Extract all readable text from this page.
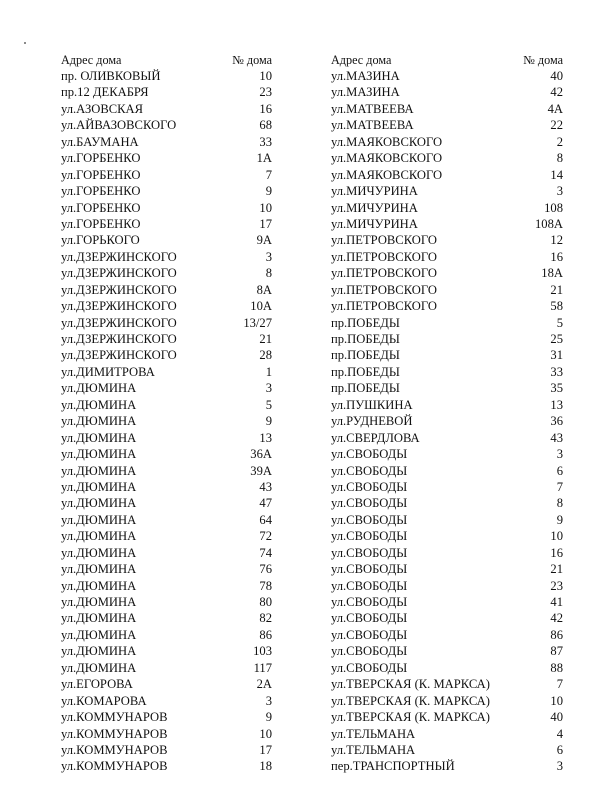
Адрес дома	№ дома
пр. ОЛИВКОВЫЙ	10
пр.12 ДЕКАБРЯ	23
ул.АЗОВСКАЯ	16
ул.АЙВАЗОВСКОГО	68
ул.БАУМАНА	33
ул.ГОРБЕНКО	1А
ул.ГОРБЕНКО	7
ул.ГОРБЕНКО	9
ул.ГОРБЕНКО	10
ул.ГОРБЕНКО	17
ул.ГОРЬКОГО	9А
ул.ДЗЕРЖИНСКОГО	3
ул.ДЗЕРЖИНСКОГО	8
ул.ДЗЕРЖИНСКОГО	8А
ул.ДЗЕРЖИНСКОГО	10А
ул.ДЗЕРЖИНСКОГО	13/27
ул.ДЗЕРЖИНСКОГО	21
ул.ДЗЕРЖИНСКОГО	28
ул.ДИМИТРОВА	1
ул.ДЮМИНА	3
ул.ДЮМИНА	5
ул.ДЮМИНА	9
ул.ДЮМИНА	13
ул.ДЮМИНА	36А
ул.ДЮМИНА	39А
ул.ДЮМИНА	43
ул.ДЮМИНА	47
ул.ДЮМИНА	64
ул.ДЮМИНА	72
ул.ДЮМИНА	74
ул.ДЮМИНА	76
ул.ДЮМИНА	78
ул.ДЮМИНА	80
ул.ДЮМИНА	82
ул.ДЮМИНА	86
ул.ДЮМИНА	103
ул.ДЮМИНА	117
ул.ЕГОРОВА	2А
ул.КОМАРОВА	3
ул.КОММУНАРОВ	9
ул.КОММУНАРОВ	10
ул.КОММУНАРОВ	17
ул.КОММУНАРОВ	18
Адрес дома	№ дома
ул.МАЗИНА	40
ул.МАЗИНА	42
ул.МАТВЕЕВА	4А
ул.МАТВЕЕВА	22
ул.МАЯКОВСКОГО	2
ул.МАЯКОВСКОГО	8
ул.МАЯКОВСКОГО	14
ул.МИЧУРИНА	3
ул.МИЧУРИНА	108
ул.МИЧУРИНА	108А
ул.ПЕТРОВСКОГО	12
ул.ПЕТРОВСКОГО	16
ул.ПЕТРОВСКОГО	18А
ул.ПЕТРОВСКОГО	21
ул.ПЕТРОВСКОГО	58
пр.ПОБЕДЫ	5
пр.ПОБЕДЫ	25
пр.ПОБЕДЫ	31
пр.ПОБЕДЫ	33
пр.ПОБЕДЫ	35
ул.ПУШКИНА	13
ул.РУДНЕВОЙ	36
ул.СВЕРДЛОВА	43
ул.СВОБОДЫ	3
ул.СВОБОДЫ	6
ул.СВОБОДЫ	7
ул.СВОБОДЫ	8
ул.СВОБОДЫ	9
ул.СВОБОДЫ	10
ул.СВОБОДЫ	16
ул.СВОБОДЫ	21
ул.СВОБОДЫ	23
ул.СВОБОДЫ	41
ул.СВОБОДЫ	42
ул.СВОБОДЫ	86
ул.СВОБОДЫ	87
ул.СВОБОДЫ	88
ул.ТВЕРСКАЯ (К. МАРКСА)	7
ул.ТВЕРСКАЯ (К. МАРКСА)	10
ул.ТВЕРСКАЯ (К. МАРКСА)	40
ул.ТЕЛЬМАНА	4
ул.ТЕЛЬМАНА	6
пер.ТРАНСПОРТНЫЙ	3
